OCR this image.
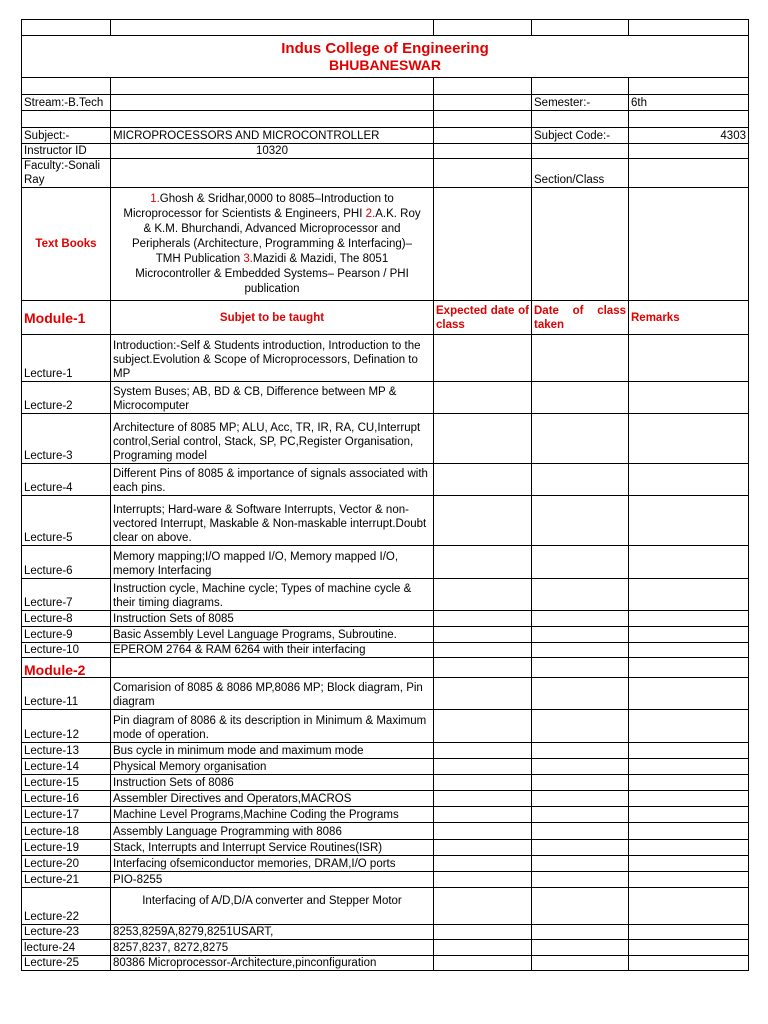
Indus College of Engineering
BHUBANESWAR				

Stream:-B.Tech			Semester:-	6th

Subject:-	MICROPROCESSORS AND MICROCONTROLLER		Subject Code:-	4303
Instructor ID	10320			
Faculty:-Sonali Ray			Section/Class	
Text Books	1.Ghosh & Sridhar,0000 to 8085–Introduction to Microprocessor for Scientists & Engineers, PHI 2.A.K. Roy & K.M. Bhurchandi, Advanced Microprocessor and Peripherals (Architecture, Programming & Interfacing)– TMH Publication 3.Mazidi & Mazidi, The 8051 Microcontroller & Embedded Systems– Pearson / PHI publication			
Module-1	Subjet to be taught	Expected date of class	Date of class taken	Remarks
Lecture-1	Introduction:-Self & Students introduction, Introduction to the subject.Evolution & Scope of Microprocessors, Defination to MP			
Lecture-2	System Buses; AB, BD & CB, Difference between MP & Microcomputer			
Lecture-3	Architecture of 8085 MP; ALU, Acc, TR, IR, RA, CU,Interrupt control,Serial control, Stack, SP, PC,Register Organisation, Programing model			
Lecture-4	Different Pins of 8085 & importance of signals associated with each pins.			
Lecture-5	Interrupts; Hard-ware & Software Interrupts, Vector & non-vectored Interrupt, Maskable & Non-maskable interrupt.Doubt clear on above.			
Lecture-6	Memory mapping;I/O mapped I/O, Memory mapped I/O, memory Interfacing			
Lecture-7	Instruction cycle, Machine cycle; Types of machine cycle & their timing diagrams.			
Lecture-8	Instruction Sets of 8085			
Lecture-9	Basic Assembly Level Language Programs, Subroutine.			
Lecture-10	EPEROM 2764 & RAM 6264 with their interfacing			
Module-2				
Lecture-11	Comarision of 8085 & 8086 MP,8086 MP; Block diagram, Pin diagram			
Lecture-12	Pin diagram of 8086 & its description in Minimum & Maximum mode of operation.			
Lecture-13	Bus cycle in minimum mode and maximum mode			
Lecture-14	Physical Memory organisation			
Lecture-15	Instruction Sets of 8086			
Lecture-16	Assembler Directives and Operators,MACROS			
Lecture-17	Machine Level Programs,Machine Coding the Programs			
Lecture-18	Assembly Language Programming with 8086			
Lecture-19	Stack, Interrupts and Interrupt Service Routines(ISR)			
Lecture-20	Interfacing ofsemiconductor memories, DRAM,I/O ports			
Lecture-21	PIO-8255			
Lecture-22	Interfacing of A/D,D/A converter and Stepper Motor			
Lecture-23	8253,8259A,8279,8251USART,			
lecture-24	8257,8237, 8272,8275			
Lecture-25	80386 Microprocessor-Architecture,pinconfiguration			
